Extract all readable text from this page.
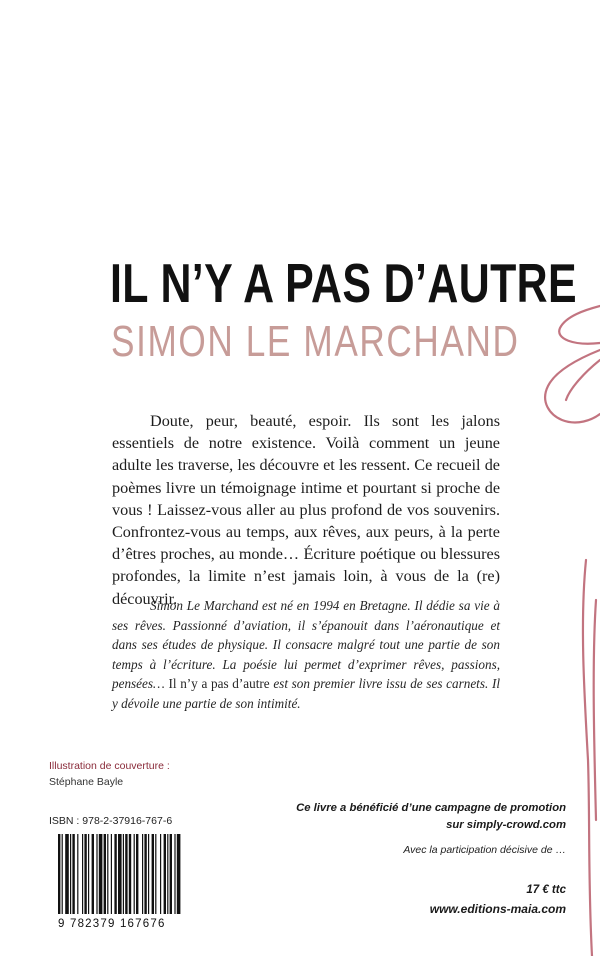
IL N’Y A PAS D’AUTRE
SIMON LE MARCHAND

Doute, peur, beauté, espoir. Ils sont les jalons essentiels de notre existence. Voilà comment un jeune adulte les traverse, les découvre et les ressent. Ce recueil de poèmes livre un témoignage intime et pourtant si proche de vous ! Laissez-vous aller au plus profond de vos souvenirs. Confrontez-vous au temps, aux rêves, aux peurs, à la perte d’êtres proches, au monde… Écriture poétique ou blessures profondes, la limite n’est jamais loin, à vous de la (re) découvrir.

Simon Le Marchand est né en 1994 en Bretagne. Il dédie sa vie à ses rêves. Passionné d’aviation, il s’épanouit dans l’aéronautique et dans ses études de physique. Il consacre malgré tout une partie de son temps à l’écriture. La poésie lui permet d’exprimer rêves, passions, pensées… Il n’y a pas d’autre est son premier livre issu de ses carnets. Il y dévoile une partie de son intimité.

Illustration de couverture :
Stéphane Bayle
ISBN : 978-2-37916-767-6
9 782379 167676
Ce livre a bénéficié d’une campagne de promotion
sur simply-crowd.com
Avec la participation décisive de …
17 € ttc
www.editions-maia.com
